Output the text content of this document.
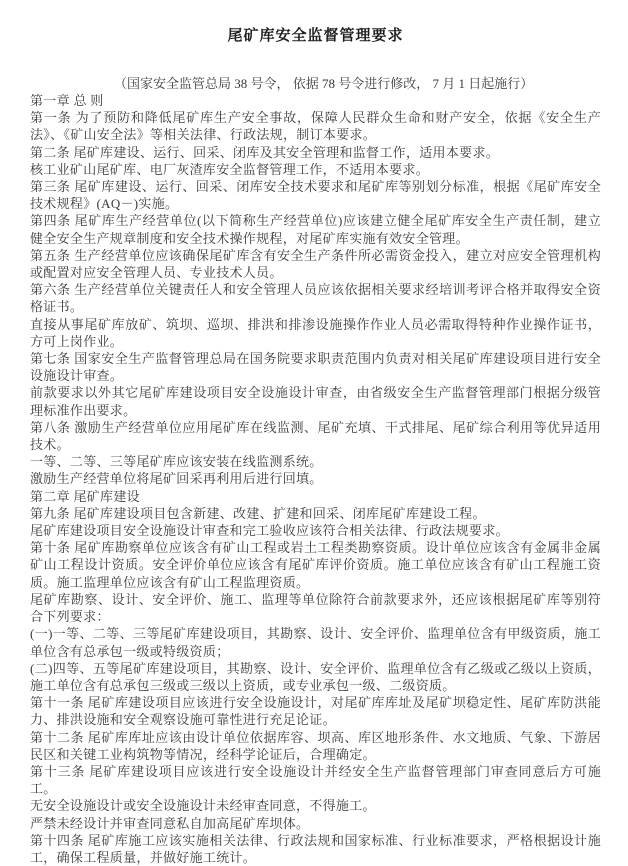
尾矿库安全监督管理要求

（国家安全监管总局 38 号令， 依据 78 号令进行修改， 7 月 1 日起施行）

第一章 总 则

第一条 为了预防和降低尾矿库生产安全事故，保障人民群众生命和财产安全，依据《安全生产法》、《矿山安全法》等相关法律、行政法规，制订本要求。

第二条 尾矿库建设、运行、回采、闭库及其安全管理和监督工作，适用本要求。

核工业矿山尾矿库、电厂灰渣库安全监督管理工作，不适用本要求。

第三条 尾矿库建设、运行、回采、闭库安全技术要求和尾矿库等别划分标准，根据《尾矿库安全技术规程》(AQ－)实施。

第四条 尾矿库生产经营单位(以下简称生产经营单位)应该建立健全尾矿库安全生产责任制，建立健全安全生产规章制度和安全技术操作规程，对尾矿库实施有效安全管理。

第五条 生产经营单位应该确保尾矿库含有安全生产条件所必需资金投入，建立对应安全管理机构或配置对应安全管理人员、专业技术人员。

第六条 生产经营单位关键责任人和安全管理人员应该依据相关要求经培训考评合格并取得安全资格证书。

直接从事尾矿库放矿、筑坝、巡坝、排洪和排渗设施操作作业人员必需取得特种作业操作证书，方可上岗作业。

第七条 国家安全生产监督管理总局在国务院要求职责范围内负责对相关尾矿库建设项目进行安全设施设计审查。

前款要求以外其它尾矿库建设项目安全设施设计审查，由省级安全生产监督管理部门根据分级管理标准作出要求。

第八条 激励生产经营单位应用尾矿库在线监测、尾矿充填、干式排尾、尾矿综合利用等优异适用技术。

一等、二等、三等尾矿库应该安装在线监测系统。

激励生产经营单位将尾矿回采再利用后进行回填。

第二章 尾矿库建设

第九条 尾矿库建设项目包含新建、改建、扩建和回采、闭库尾矿库建设工程。

尾矿库建设项目安全设施设计审查和完工验收应该符合相关法律、行政法规要求。

第十条 尾矿库勘察单位应该含有矿山工程或岩土工程类勘察资质。设计单位应该含有金属非金属矿山工程设计资质。安全评价单位应该含有尾矿库评价资质。施工单位应该含有矿山工程施工资质。施工监理单位应该含有矿山工程监理资质。

尾矿库勘察、设计、安全评价、施工、监理等单位除符合前款要求外，还应该根据尾矿库等别符合下列要求：

(一)一等、二等、三等尾矿库建设项目，其勘察、设计、安全评价、监理单位含有甲级资质，施工单位含有总承包一级或特级资质；

(二)四等、五等尾矿库建设项目，其勘察、设计、安全评价、监理单位含有乙级或乙级以上资质，施工单位含有总承包三级或三级以上资质，或专业承包一级、二级资质。

第十一条 尾矿库建设项目应该进行安全设施设计，对尾矿库库址及尾矿坝稳定性、尾矿库防洪能力、排洪设施和安全观察设施可靠性进行充足论证。

第十二条 尾矿库库址应该由设计单位依据库容、坝高、库区地形条件、水文地质、气象、下游居民区和关键工业构筑物等情况，经科学论证后，合理确定。

第十三条 尾矿库建设项目应该进行安全设施设计并经安全生产监督管理部门审查同意后方可施工。

无安全设施设计或安全设施设计未经审查同意，不得施工。

严禁未经设计并审查同意私自加高尾矿库坝体。

第十四条 尾矿库施工应该实施相关法律、行政法规和国家标准、行业标准要求，严格根据设计施工，确保工程质量，并做好施工统计。
